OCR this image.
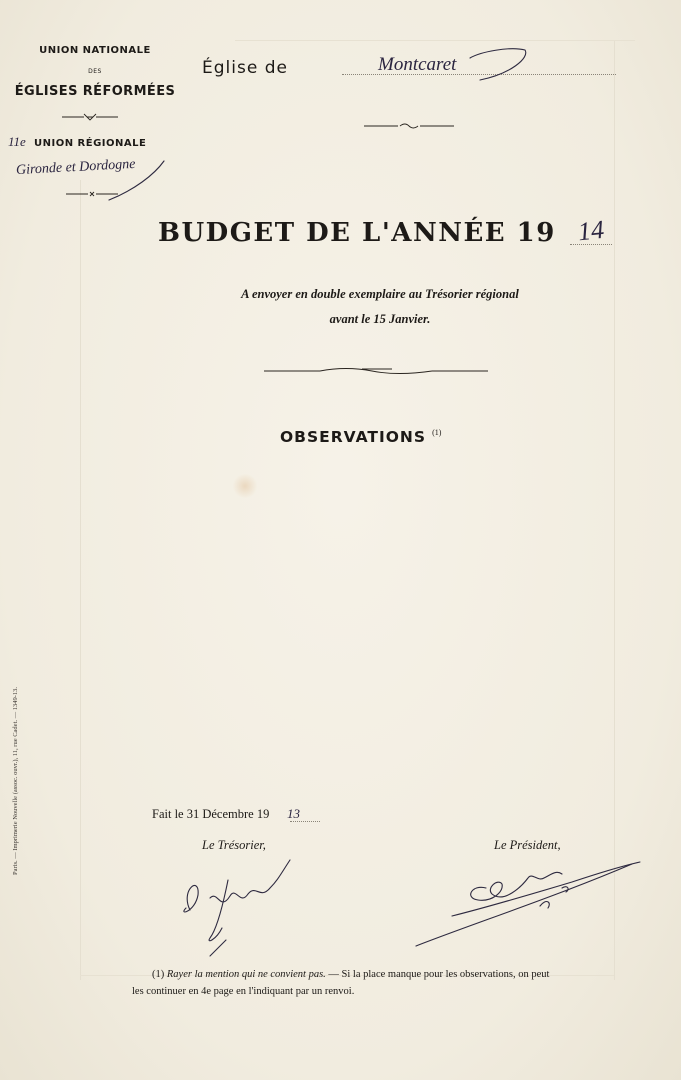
UNION NATIONALE
DES
ÉGLISES RÉFORMÉES
11e UNION RÉGIONALE
Gironde et Dordogne
Église de	Montcaret
BUDGET DE L'ANNÉE 19 14
A envoyer en double exemplaire au Trésorier régional
avant le 15 Janvier.
OBSERVATIONS $^{(1)}$
Fait le 31 Décembre 19 13
Le Trésorier,	Le Président,
(1) Rayer la mention qui ne convient pas. — Si la place manque pour les observations, on peut
les continuer en 4e page en l'indiquant par un renvoi.
Paris. — Imprimerie Nouvelle (assoc. ouvr.), 11, rue Cadet. — 1349-13.
